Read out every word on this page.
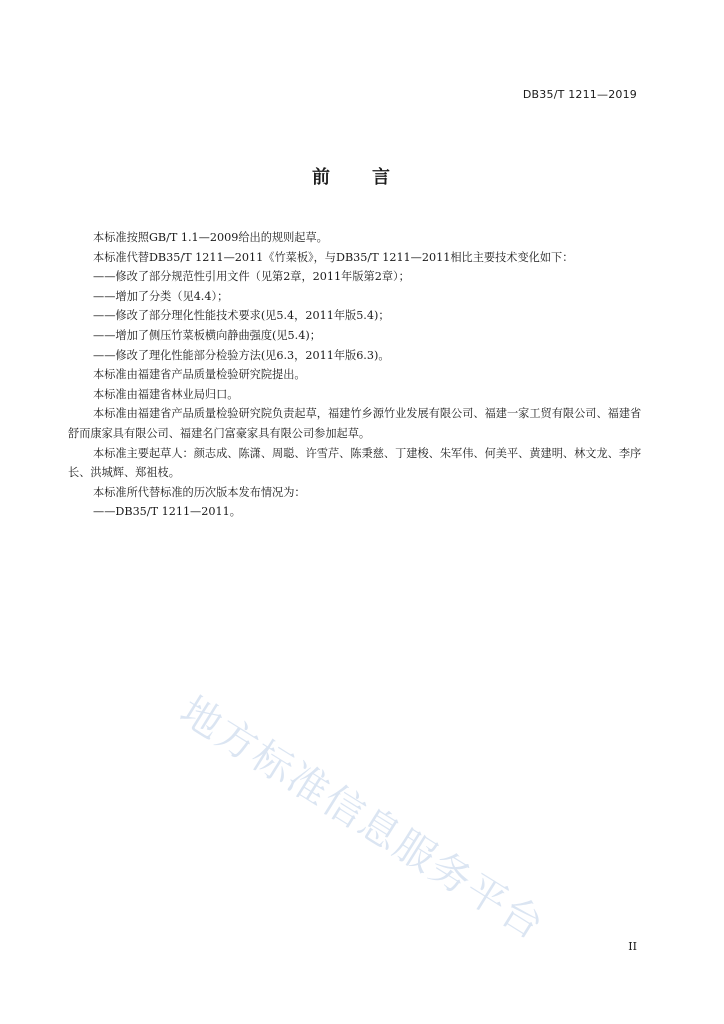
DB35/T 1211—2019
前 言

本标准按照GB/T 1.1—2009给出的规则起草。

本标准代替DB35/T 1211—2011《竹菜板》，与DB35/T 1211—2011相比主要技术变化如下：

——修改了部分规范性引用文件（见第2章，2011年版第2章）；

——增加了分类（见4.4）；

——修改了部分理化性能技术要求(见5.4，2011年版5.4)；

——增加了侧压竹菜板横向静曲强度(见5.4)；

——修改了理化性能部分检验方法(见6.3，2011年版6.3)。

本标准由福建省产品质量检验研究院提出。

本标准由福建省林业局归口。

本标准由福建省产品质量检验研究院负责起草，福建竹乡源竹业发展有限公司、福建一家工贸有限公司、福建省舒而康家具有限公司、福建名门富豪家具有限公司参加起草。

本标准主要起草人：颜志成、陈潇、周聪、许雪芹、陈秉慈、丁建梭、朱军伟、何美平、黄建明、林文龙、李序长、洪城辉、郑祖枝。

本标准所代替标准的历次版本发布情况为：

——DB35/T 1211—2011。

地方标准信息服务平台	II
